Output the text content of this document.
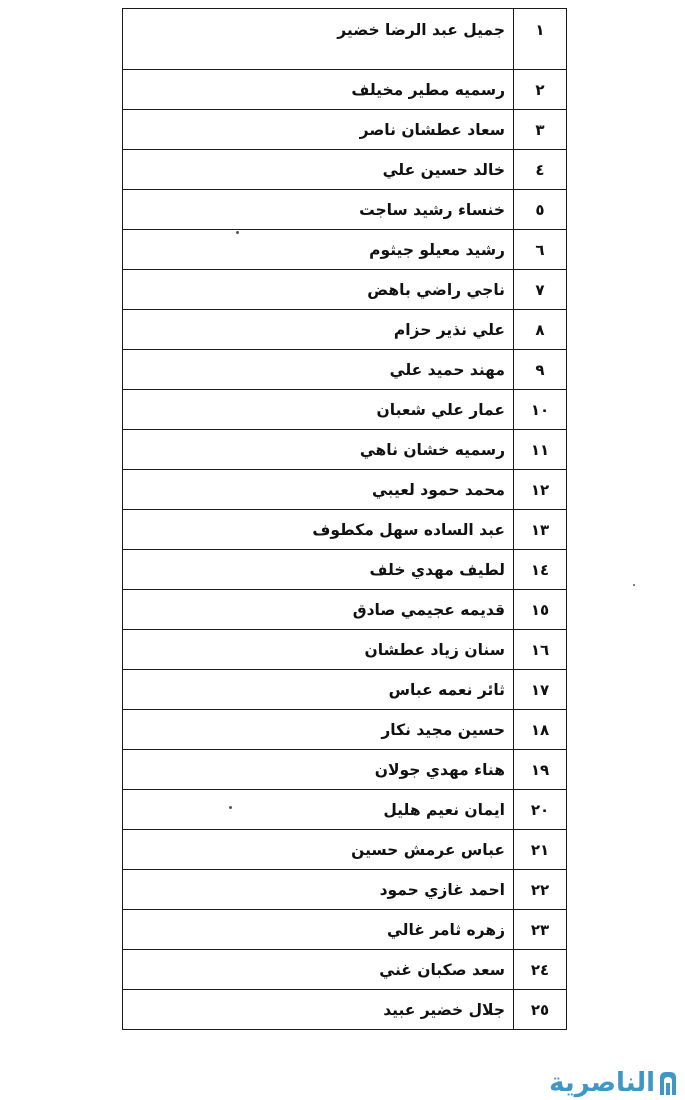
١	جميل عبد الرضا خضير
٢	رسميه مطير مخيلف
٣	سعاد عطشان ناصر
٤	خالد حسين علي
٥	خنساء رشيد ساجت
٦	رشيد معيلو جيثوم
٧	ناجي راضي باهض
٨	علي نذير حزام
٩	مهند حميد علي
١٠	عمار علي شعبان
١١	رسميه خشان ناهي
١٢	محمد حمود لعيبي
١٣	عبد الساده سهل مكطوف
١٤	لطيف مهدي خلف
١٥	قديمه عجيمي صادق
١٦	سنان زياد عطشان
١٧	ثائر نعمه عباس
١٨	حسين مجيد نكار
١٩	هناء مهدي جولان
٢٠	ايمان نعيم هليل
٢١	عباس عرمش حسين
٢٢	احمد غازي حمود
٢٣	زهره ثامر غالي
٢٤	سعد صكبان غني
٢٥	جلال خضير عبيد
الناصرية
